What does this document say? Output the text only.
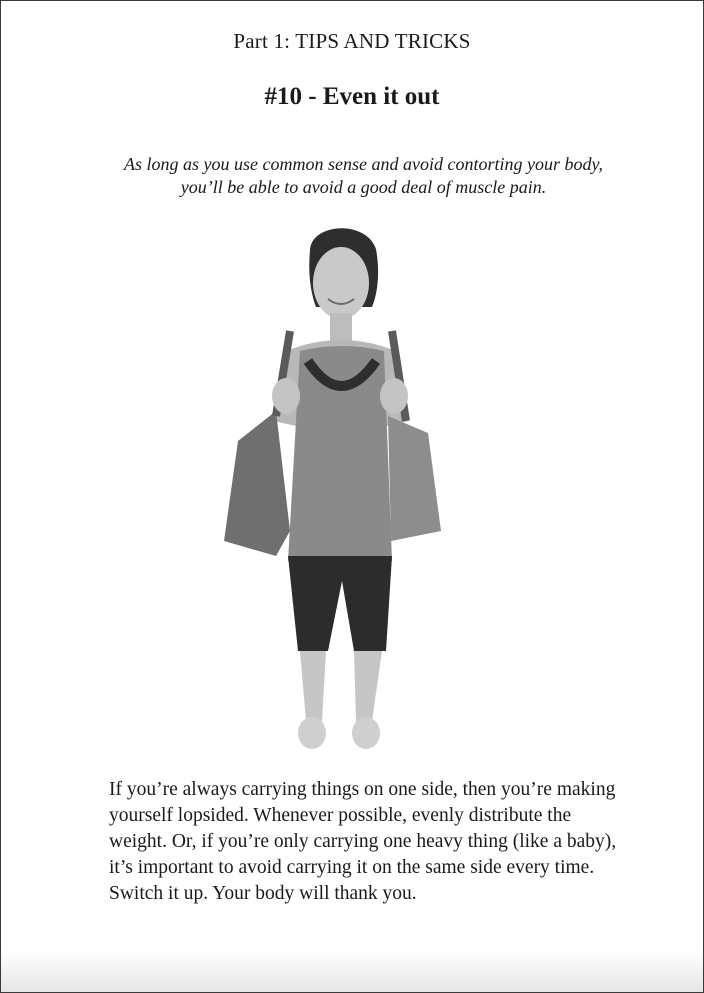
Part 1: TIPS AND TRICKS
#10 - Even it out
As long as you use common sense and avoid contorting your body, you’ll be able to avoid a good deal of muscle pain.
If you’re always carrying things on one side, then you’re making yourself lopsided. Whenever possible, evenly distribute the weight. Or, if you’re only carrying one heavy thing (like a baby), it’s important to avoid carrying it on the same side every time. Switch it up. Your body will thank you.
